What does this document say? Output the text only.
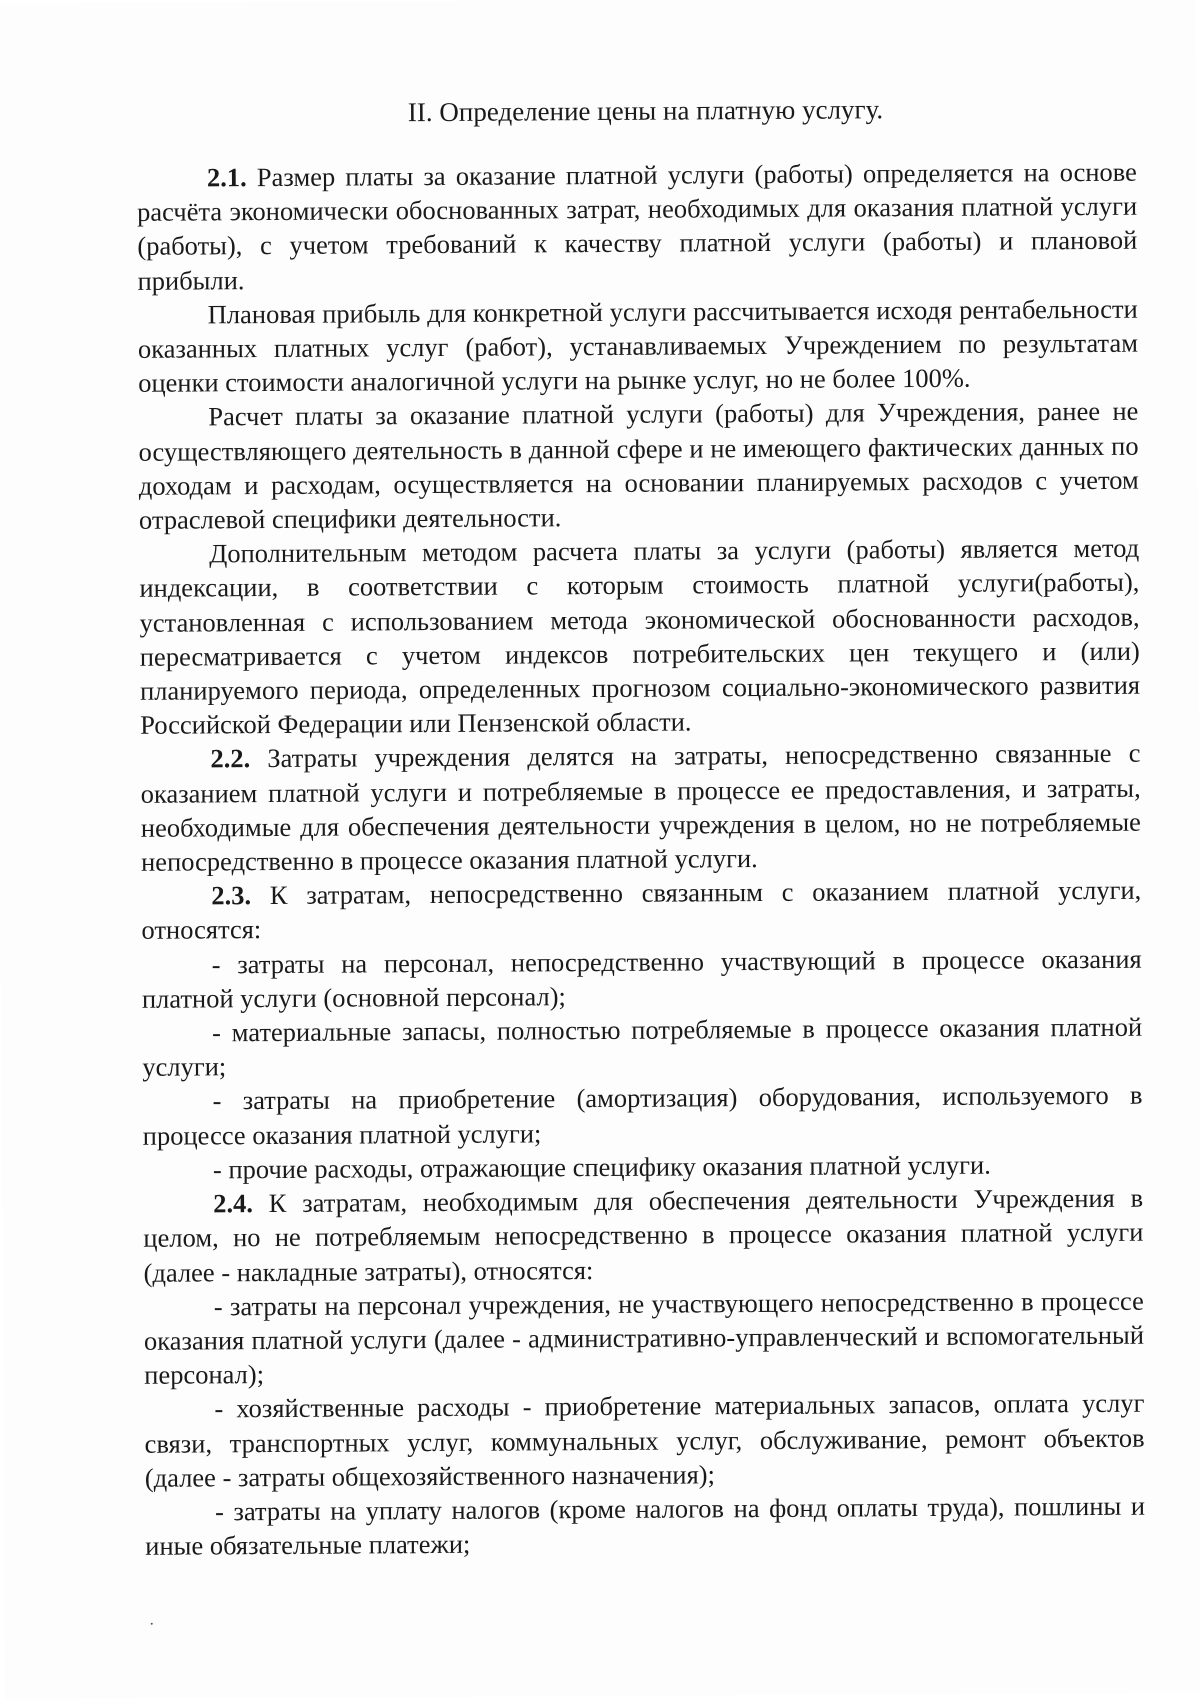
II. Определение цены на платную услугу.

2.1. Размер платы за оказание платной услуги (работы) определяется на основе расчёта экономически обоснованных затрат, необходимых для оказания платной услуги (работы), с учетом требований к качеству платной услуги (работы) и плановой прибыли.

Плановая прибыль для конкретной услуги рассчитывается исходя рентабельности оказанных платных услуг (работ), устанавливаемых Учреждением по результатам оценки стоимости аналогичной услуги на рынке услуг, но не более 100%.

Расчет платы за оказание платной услуги (работы) для Учреждения, ранее не осуществляющего деятельность в данной сфере и не имеющего фактических данных по доходам и расходам, осуществляется на основании планируемых расходов с учетом отраслевой специфики деятельности.

Дополнительным методом расчета платы за услуги (работы) является метод индексации, в соответствии с которым стоимость платной услуги(работы), установленная с использованием метода экономической обоснованности расходов, пересматривается с учетом индексов потребительских цен текущего и (или) планируемого периода, определенных прогнозом социально-экономического развития Российской Федерации или Пензенской области.

2.2. Затраты учреждения делятся на затраты, непосредственно связанные с оказанием платной услуги и потребляемые в процессе ее предоставления, и затраты, необходимые для обеспечения деятельности учреждения в целом, но не потребляемые непосредственно в процессе оказания платной услуги.

2.3. К затратам, непосредственно связанным с оказанием платной услуги, относятся:

- затраты на персонал, непосредственно участвующий в процессе оказания платной услуги (основной персонал);

- материальные запасы, полностью потребляемые в процессе оказания платной услуги;

- затраты на приобретение (амортизация) оборудования, используемого в процессе оказания платной услуги;

- прочие расходы, отражающие специфику оказания платной услуги.

2.4. К затратам, необходимым для обеспечения деятельности Учреждения в целом, но не потребляемым непосредственно в процессе оказания платной услуги (далее - накладные затраты), относятся:

- затраты на персонал учреждения, не участвующего непосредственно в процессе оказания платной услуги (далее - административно-управленческий и вспомогательный персонал);

- хозяйственные расходы - приобретение материальных запасов, оплата услуг связи, транспортных услуг, коммунальных услуг, обслуживание, ремонт объектов (далее - затраты общехозяйственного назначения);

- затраты на уплату налогов (кроме налогов на фонд оплаты труда), пошлины и иные обязательные платежи;
